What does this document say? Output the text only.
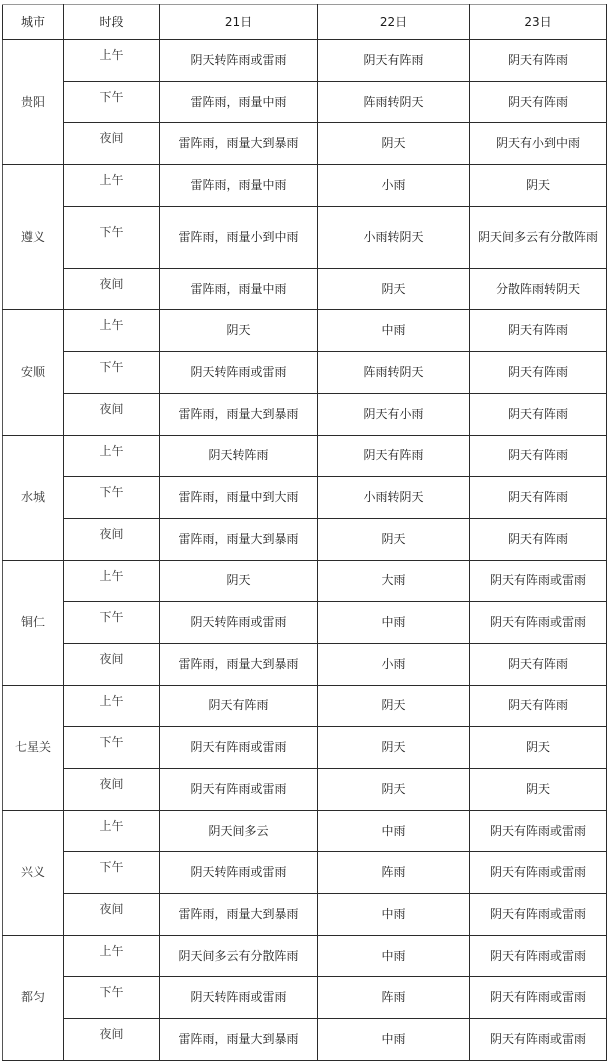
城市	时段	21日	22日	23日
贵阳	上午	阴天转阵雨或雷雨	阴天有阵雨	阴天有阵雨
	下午	雷阵雨，雨量中雨	阵雨转阴天	阴天有阵雨
	夜间	雷阵雨，雨量大到暴雨	阴天	阴天有小到中雨
遵义	上午	雷阵雨，雨量中雨	小雨	阴天
	下午	雷阵雨，雨量小到中雨	小雨转阴天	阴天间多云有分散阵雨
	夜间	雷阵雨，雨量中雨	阴天	分散阵雨转阴天
安顺	上午	阴天	中雨	阴天有阵雨
	下午	阴天转阵雨或雷雨	阵雨转阴天	阴天有阵雨
	夜间	雷阵雨，雨量大到暴雨	阴天有小雨	阴天有阵雨
水城	上午	阴天转阵雨	阴天有阵雨	阴天有阵雨
	下午	雷阵雨，雨量中到大雨	小雨转阴天	阴天有阵雨
	夜间	雷阵雨，雨量大到暴雨	阴天	阴天有阵雨
铜仁	上午	阴天	大雨	阴天有阵雨或雷雨
	下午	阴天转阵雨或雷雨	中雨	阴天有阵雨或雷雨
	夜间	雷阵雨，雨量大到暴雨	小雨	阴天有阵雨
七星关	上午	阴天有阵雨	阴天	阴天有阵雨
	下午	阴天有阵雨或雷雨	阴天	阴天
	夜间	阴天有阵雨或雷雨	阴天	阴天
兴义	上午	阴天间多云	中雨	阴天有阵雨或雷雨
	下午	阴天转阵雨或雷雨	阵雨	阴天有阵雨或雷雨
	夜间	雷阵雨，雨量大到暴雨	中雨	阴天有阵雨或雷雨
都匀	上午	阴天间多云有分散阵雨	中雨	阴天有阵雨或雷雨
	下午	阴天转阵雨或雷雨	阵雨	阴天有阵雨或雷雨
	夜间	雷阵雨，雨量大到暴雨	中雨	阴天有阵雨或雷雨
